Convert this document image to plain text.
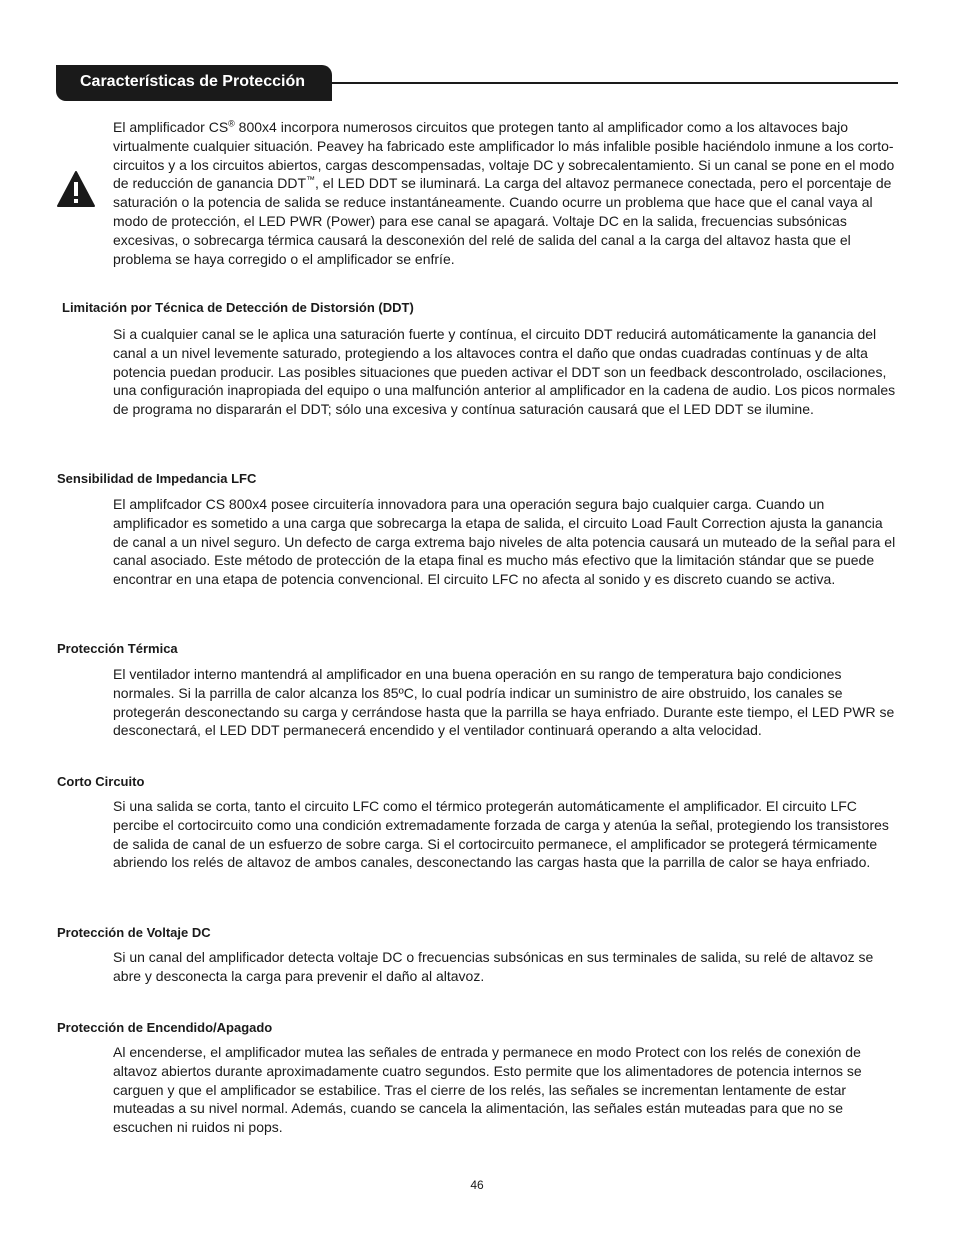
Características de Protección

El amplificador CS® 800x4 incorpora numerosos circuitos que protegen tanto al amplificador como a los altavoces bajo virtualmente cualquier situación. Peavey ha fabricado este amplificador lo más infalible posible haciéndolo inmune a los corto-circuitos y a los circuitos abiertos, cargas descompensadas, voltaje DC y sobrecalentamiento. Si un canal se pone en el modo de reducción de ganancia DDT™, el LED DDT se iluminará. La carga del altavoz permanece conectada, pero el porcentaje de saturación o la potencia de salida se reduce instantáneamente. Cuando ocurre un problema que hace que el canal vaya al modo de protección, el LED PWR (Power) para ese canal se apagará. Voltaje DC en la salida, frecuencias subsónicas excesivas, o sobrecarga térmica causará la desconexión del relé de salida del canal a la carga del altavoz hasta que el problema se haya corregido o el amplificador se enfríe.

Limitación por Técnica de Detección de Distorsión (DDT)
Si a cualquier canal se le aplica una saturación fuerte y contínua, el circuito DDT reducirá automáticamente la ganancia del canal a un nivel levemente saturado, protegiendo a los altavoces contra el daño que ondas cuadradas contínuas y de alta potencia puedan producir. Las posibles situaciones que pueden activar el DDT son un feedback descontrolado, oscilaciones, una configuración inapropiada del equipo o una malfunción anterior al amplificador en la cadena de audio. Los picos normales de programa no dispararán el DDT; sólo una excesiva y contínua saturación causará que el LED DDT se ilumine.
Sensibilidad de Impedancia LFC
El amplifcador CS 800x4 posee circuitería innovadora para una operación segura bajo cualquier carga. Cuando un amplificador es sometido a una carga que sobrecarga la etapa de salida, el circuito Load Fault Correction ajusta la ganancia de canal a un nivel seguro. Un defecto de carga extrema bajo niveles de alta potencia causará un muteado de la señal para el canal asociado. Este método de protección de la etapa final es mucho más efectivo que la limitación stándar que se puede encontrar en una etapa de potencia convencional. El circuito LFC no afecta al sonido y es discreto cuando se activa.
Protección Térmica
El ventilador interno mantendrá al amplificador en una buena operación en su rango de temperatura bajo condiciones normales. Si la parrilla de calor alcanza los 85ºC, lo cual podría indicar un suministro de aire obstruido, los canales se protegerán desconectando su carga y cerrándose hasta que la parrilla se haya enfriado. Durante este tiempo, el LED PWR se desconectará, el LED DDT permanecerá encendido y el ventilador continuará operando a alta velocidad.
Corto Circuito
Si una salida se corta, tanto el circuito LFC como el térmico protegerán automáticamente el amplificador. El circuito LFC percibe el cortocircuito como una condición extremadamente forzada de carga y atenúa la señal, protegiendo los transistores de salida de canal de un esfuerzo de sobre carga. Si el cortocircuito permanece, el amplificador se protegerá térmicamente abriendo los relés de altavoz de ambos canales, desconectando las cargas hasta que la parrilla de calor se haya enfriado.
Protección de Voltaje DC
Si un canal del amplificador detecta voltaje DC o frecuencias subsónicas en sus terminales de salida, su relé de altavoz se abre y desconecta la carga para prevenir el daño al altavoz.
Protección de Encendido/Apagado
Al encenderse, el amplificador mutea las señales de entrada y permanece en modo Protect con los relés de conexión de altavoz abiertos durante aproximadamente cuatro segundos. Esto permite que los alimentadores de potencia internos se carguen y que el amplificador se estabilice. Tras el cierre de los relés, las señales se incrementan lentamente de estar muteadas a su nivel normal. Además, cuando se cancela la alimentación, las señales están muteadas para que no se escuchen ni ruidos ni pops.
46
